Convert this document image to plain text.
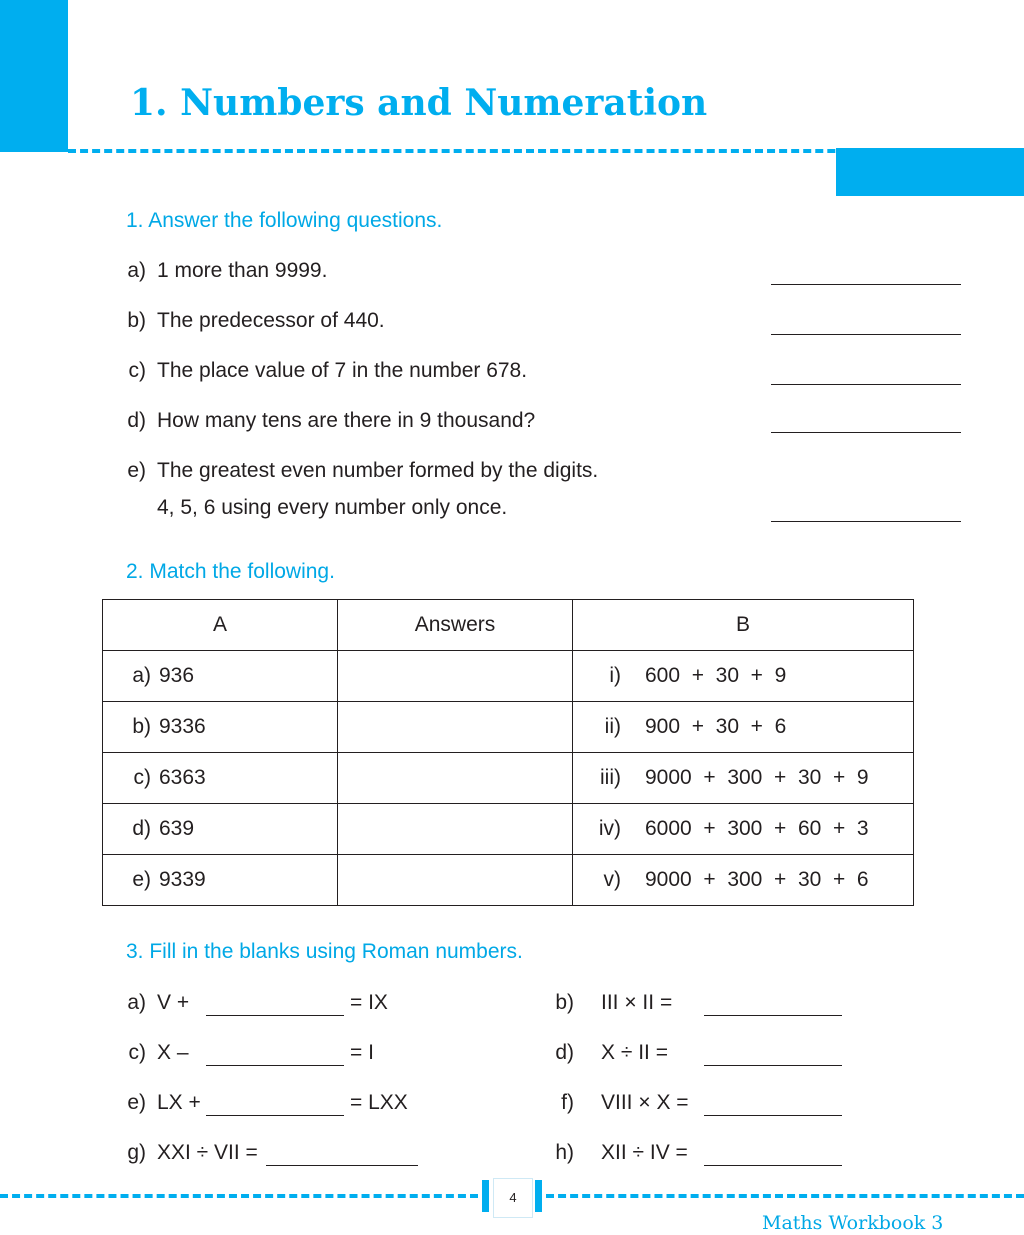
1. Numbers and Numeration
1. Answer the following questions.
a) 1 more than 9999.
b) The predecessor of 440.
c) The place value of 7 in the number 678.
d) How many tens are there in 9 thousand?
e) The greatest even number formed by the digits.
4, 5, 6 using every number only once.
2. Match the following.
A	Answers	B

a) 936		i) 600  +  30  +  9

b) 9336		ii) 900  +  30  +  6

c) 6363		iii) 9000  +  300  +  30  +  9

d) 639		iv) 6000  +  300  +  60  +  3

e) 9339		v) 9000  +  300  +  30  +  6
3. Fill in the blanks using Roman numbers.
a) V +	= IX
c) X –	= I
e) LX +	= LXX
g) XXI ÷ VII =
b) III × II =
d) X ÷ II =
f) VIII × X =
h) XII ÷ IV =
4
Maths Workbook 3
